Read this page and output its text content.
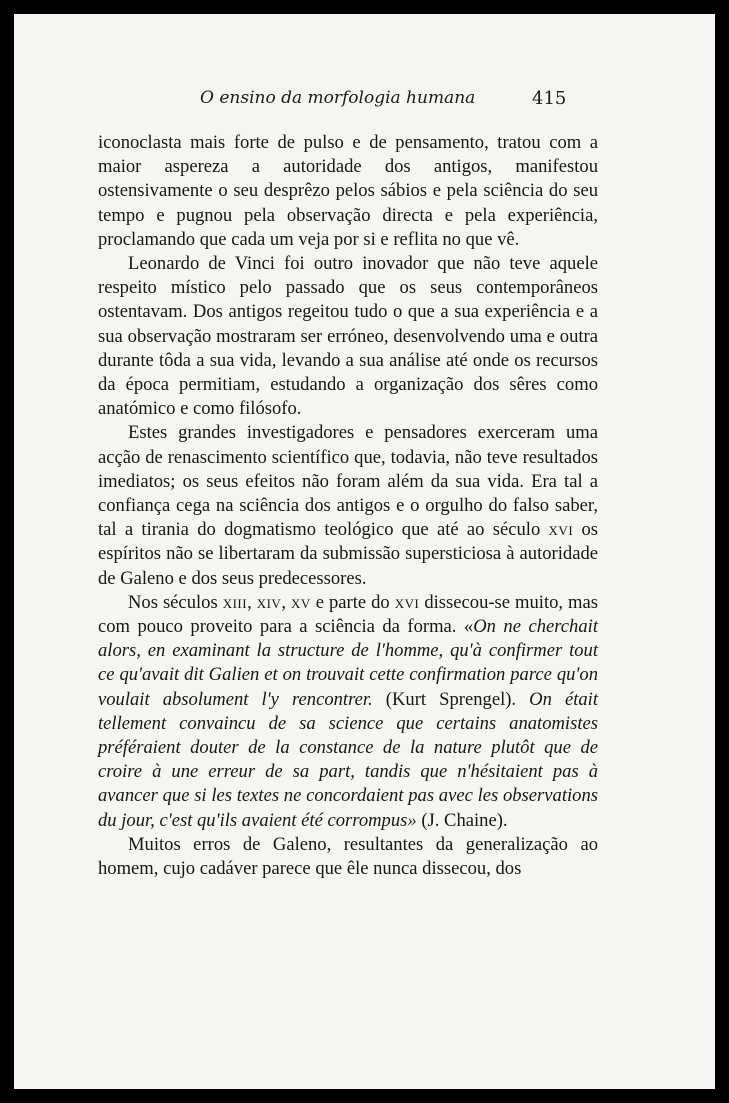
O ensino da morfologia humana	415

iconoclasta mais forte de pulso e de pensamento, tratou com a maior aspereza a autoridade dos antigos, manifestou ostensivamente o seu desprêzo pelos sábios e pela sciência do seu tempo e pugnou pela observação directa e pela experiência, proclamando que cada um veja por si e reflita no que vê.

Leonardo de Vinci foi outro inovador que não teve aquele respeito místico pelo passado que os seus contemporâneos ostentavam. Dos antigos regeitou tudo o que a sua experiência e a sua observação mostraram ser erróneo, desenvolvendo uma e outra durante tôda a sua vida, levando a sua análise até onde os recursos da época permitiam, estudando a organização dos sêres como anatómico e como filósofo.

Estes grandes investigadores e pensadores exerceram uma acção de renascimento scientífico que, todavia, não teve resultados imediatos; os seus efeitos não foram além da sua vida. Era tal a confiança cega na sciência dos antigos e o orgulho do falso saber, tal a tirania do dogmatismo teológico que até ao século xvi os espíritos não se libertaram da submissão supersticiosa à autoridade de Galeno e dos seus predecessores.

Nos séculos xiii, xiv, xv e parte do xvi dissecou-se muito, mas com pouco proveito para a sciência da forma. «On ne cherchait alors, en examinant la structure de l'homme, qu'à confirmer tout ce qu'avait dit Galien et on trouvait cette confirmation parce qu'on voulait absolument l'y rencontrer. (Kurt Sprengel). On était tellement convaincu de sa science que certains anatomistes préféraient douter de la constance de la nature plutôt que de croire à une erreur de sa part, tandis que n'hésitaient pas à avancer que si les textes ne concordaient pas avec les observations du jour, c'est qu'ils avaient été corrompus» (J. Chaine).

Muitos erros de Galeno, resultantes da generalização ao homem, cujo cadáver parece que êle nunca dissecou, dos
